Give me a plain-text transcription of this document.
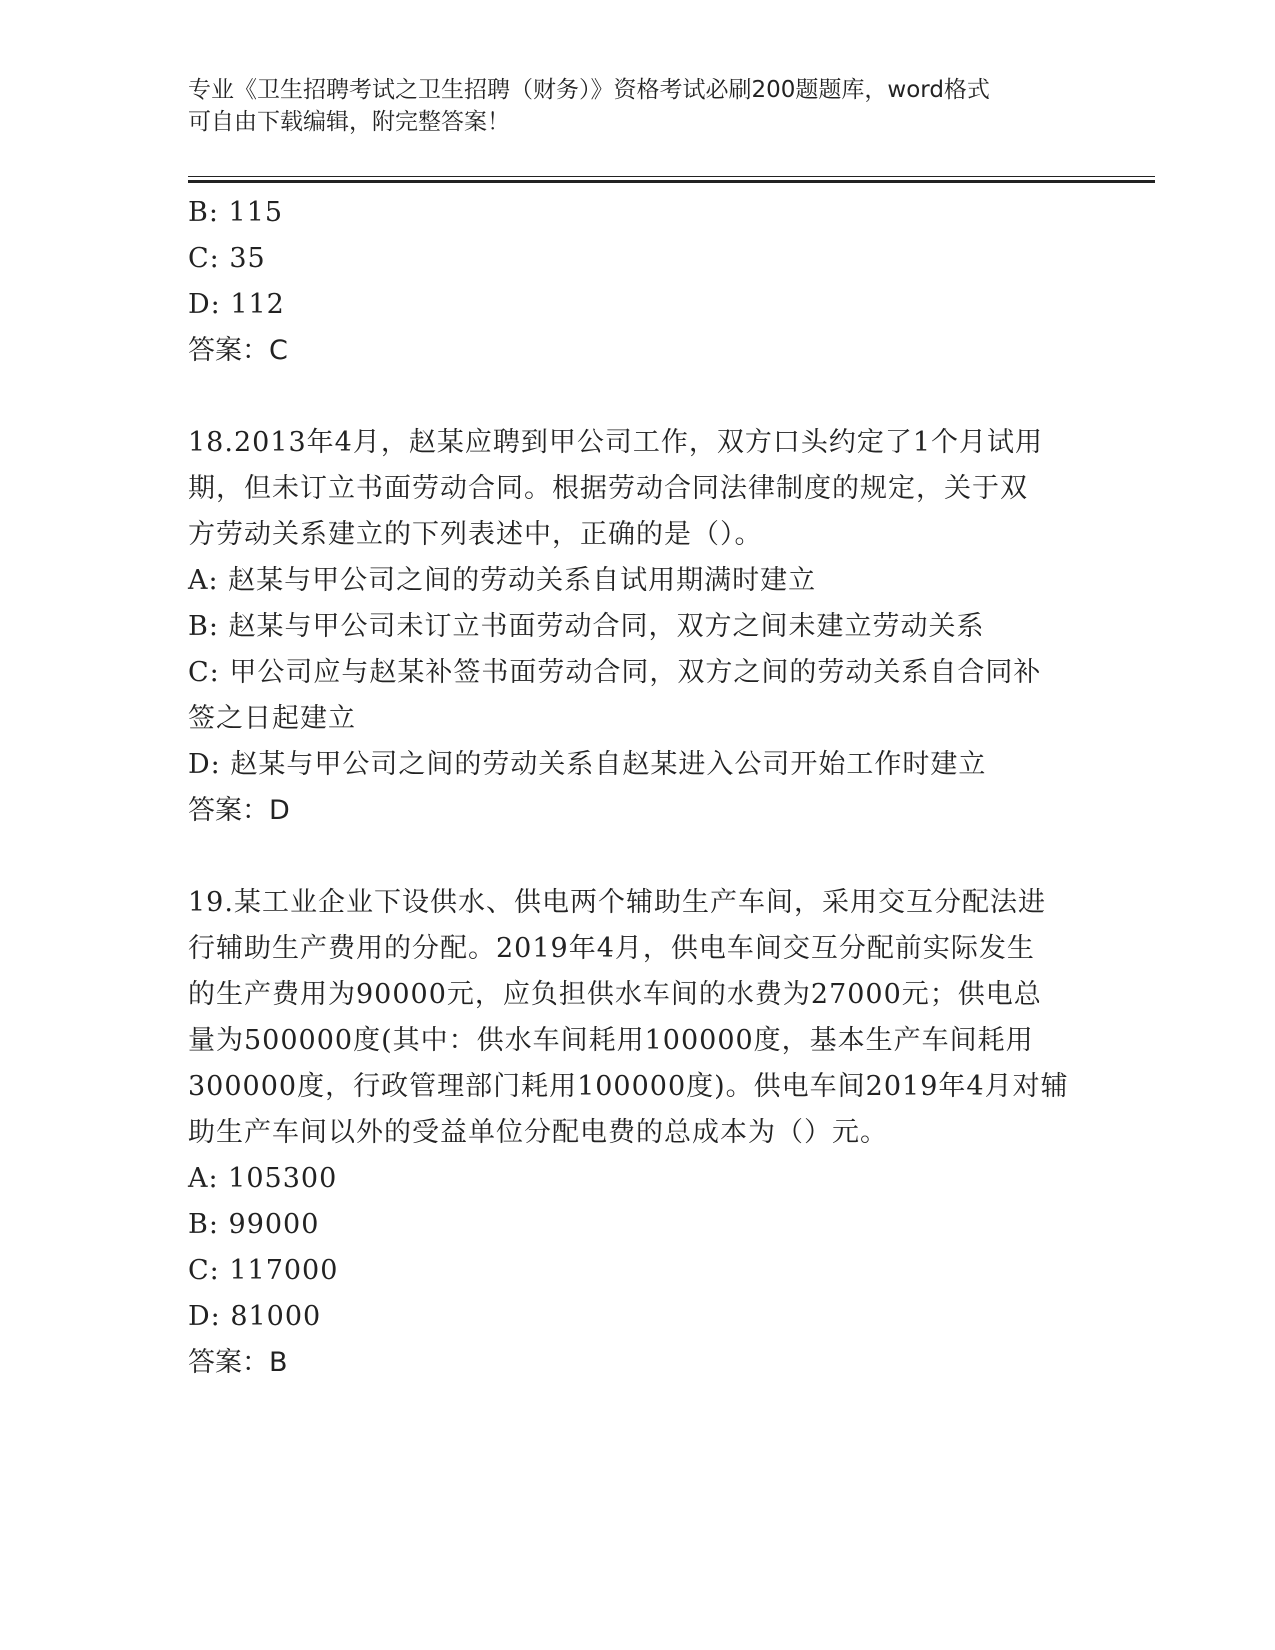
专业《卫生招聘考试之卫生招聘（财务）》资格考试必刷200题题库，word格式
可自由下载编辑，附完整答案！
B: 115
C: 35
D: 112
答案：C
18.2013年4月，赵某应聘到甲公司工作，双方口头约定了1个月试用
期，但未订立书面劳动合同。根据劳动合同法律制度的规定，关于双
方劳动关系建立的下列表述中，正确的是（）。
A: 赵某与甲公司之间的劳动关系自试用期满时建立
B: 赵某与甲公司未订立书面劳动合同，双方之间未建立劳动关系
C: 甲公司应与赵某补签书面劳动合同，双方之间的劳动关系自合同补
签之日起建立
D: 赵某与甲公司之间的劳动关系自赵某进入公司开始工作时建立
答案：D
19.某工业企业下设供水、供电两个辅助生产车间，采用交互分配法进
行辅助生产费用的分配。2019年4月，供电车间交互分配前实际发生
的生产费用为90000元，应负担供水车间的水费为27000元；供电总
量为500000度(其中：供水车间耗用100000度，基本生产车间耗用
300000度，行政管理部门耗用100000度)。供电车间2019年4月对辅
助生产车间以外的受益单位分配电费的总成本为（）元。
A: 105300
B: 99000
C: 117000
D: 81000
答案：B
